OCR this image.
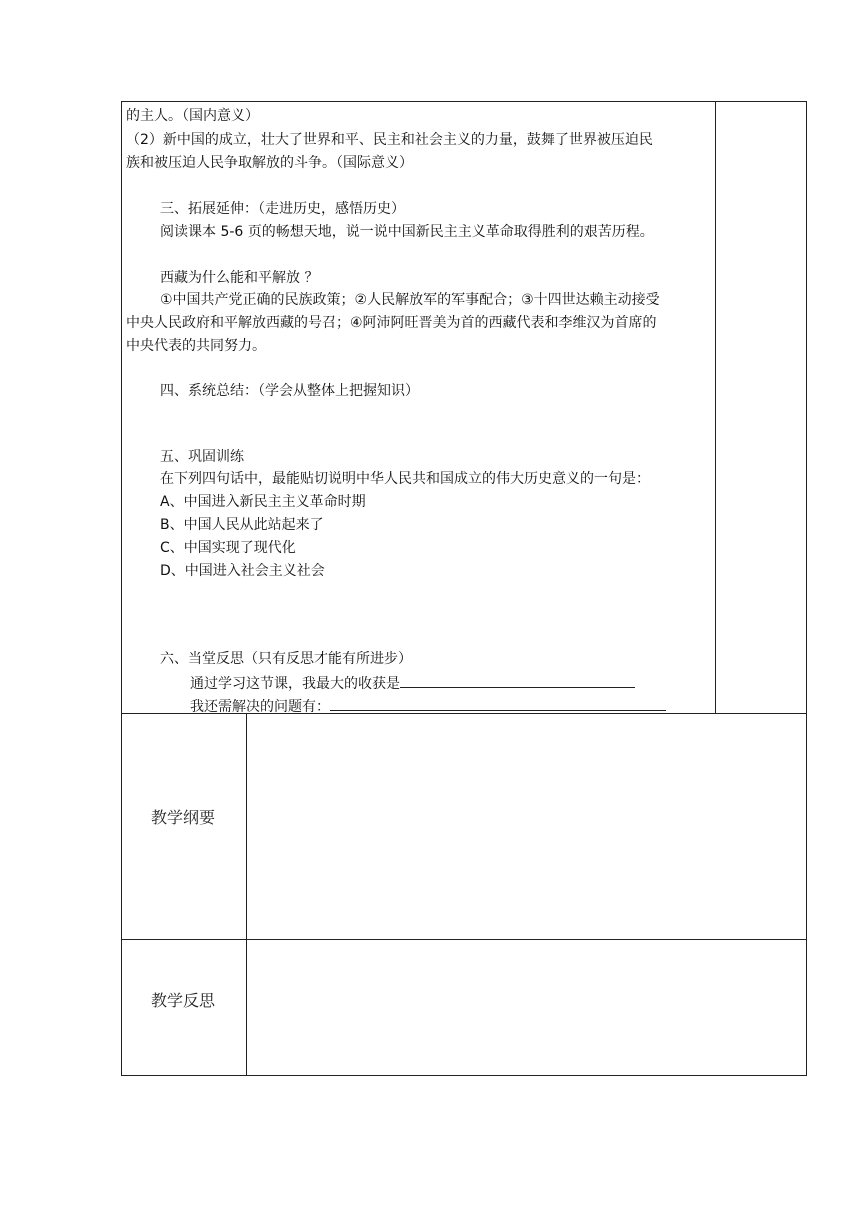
的主人。（国内意义）
（2）新中国的成立，壮大了世界和平、民主和社会主义的力量，鼓舞了世界被压迫民
族和被压迫人民争取解放的斗争。（国际意义）
三、拓展延伸：（走进历史，感悟历史）
阅读课本 5-6 页的畅想天地，说一说中国新民主主义革命取得胜利的艰苦历程。
西藏为什么能和平解放 ？
①中国共产党正确的民族政策；②人民解放军的军事配合；③十四世达赖主动接受
中央人民政府和平解放西藏的号召；④阿沛阿旺晋美为首的西藏代表和李维汉为首席的
中央代表的共同努力。
四、系统总结：（学会从整体上把握知识）
五、巩固训练
在下列四句话中，最能贴切说明中华人民共和国成立的伟大历史意义的一句是：
A、中国进入新民主主义革命时期
B、中国人民从此站起来了
C、中国实现了现代化
D、中国进入社会主义社会
六、当堂反思（只有反思才能有所进步）
通过学习这节课，我最大的收获是
我还需解决的问题有：
教学纲要
教学反思
